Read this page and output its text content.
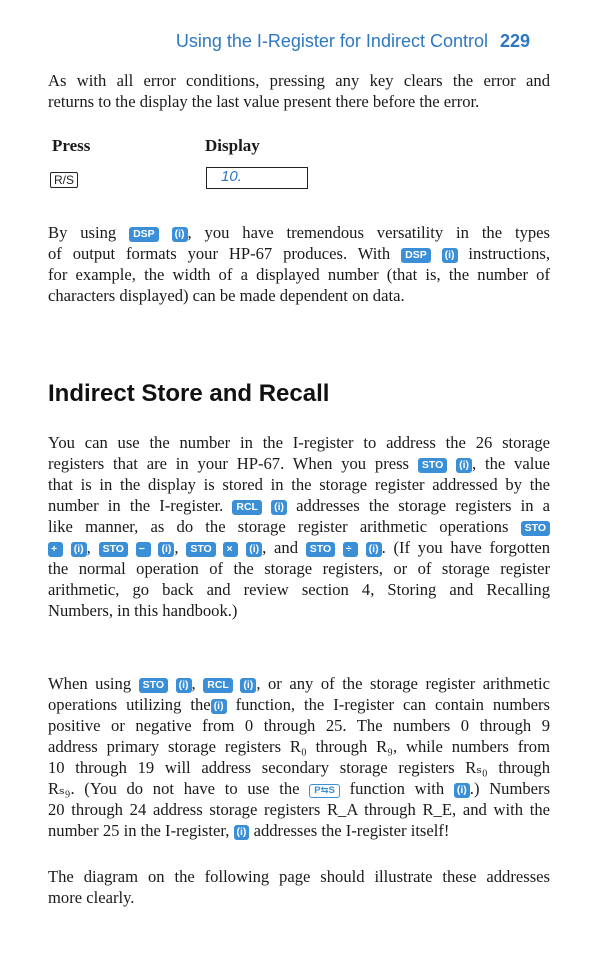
Using the I-Register for Indirect Control 229
As with all error conditions, pressing any key clears the error and
returns to the display the last value present there before the error.
Press	Display
R/S	10.
By using DSP (i) , you have tremendous versatility in the types
of output formats your HP-67 produces. With DSP (i) instructions,
for example, the width of a displayed number (that is, the number of
characters displayed) can be made dependent on data.
Indirect Store and Recall
You can use the number in the I-register to address the 26 storage
registers that are in your HP-67. When you press STO (i) , the value
that is in the display is stored in the storage register addressed by the
number in the I-register. RCL (i) addresses the storage registers in a
like manner, as do the storage register arithmetic operations STO
+ (i) , STO − (i) , STO × (i) , and STO ÷ (i) . (If you have forgotten
the normal operation of the storage registers, or of storage register
arithmetic, go back and review section 4, Storing and Recalling
Numbers, in this handbook.)
When using STO (i) , RCL (i) , or any of the storage register arithmetic
operations utilizing the (i) function, the I-register can contain numbers
positive or negative from 0 through 25. The numbers 0 through 9
address primary storage registers R₀ through R₉, while numbers from
10 through 19 will address secondary storage registers Rₛ₀ through
Rₛ₉. (You do not have to use the P⇆S function with (i) .) Numbers
20 through 24 address storage registers R_A through R_E, and with the
number 25 in the I-register, (i) addresses the I-register itself!
The diagram on the following page should illustrate these addresses
more clearly.
